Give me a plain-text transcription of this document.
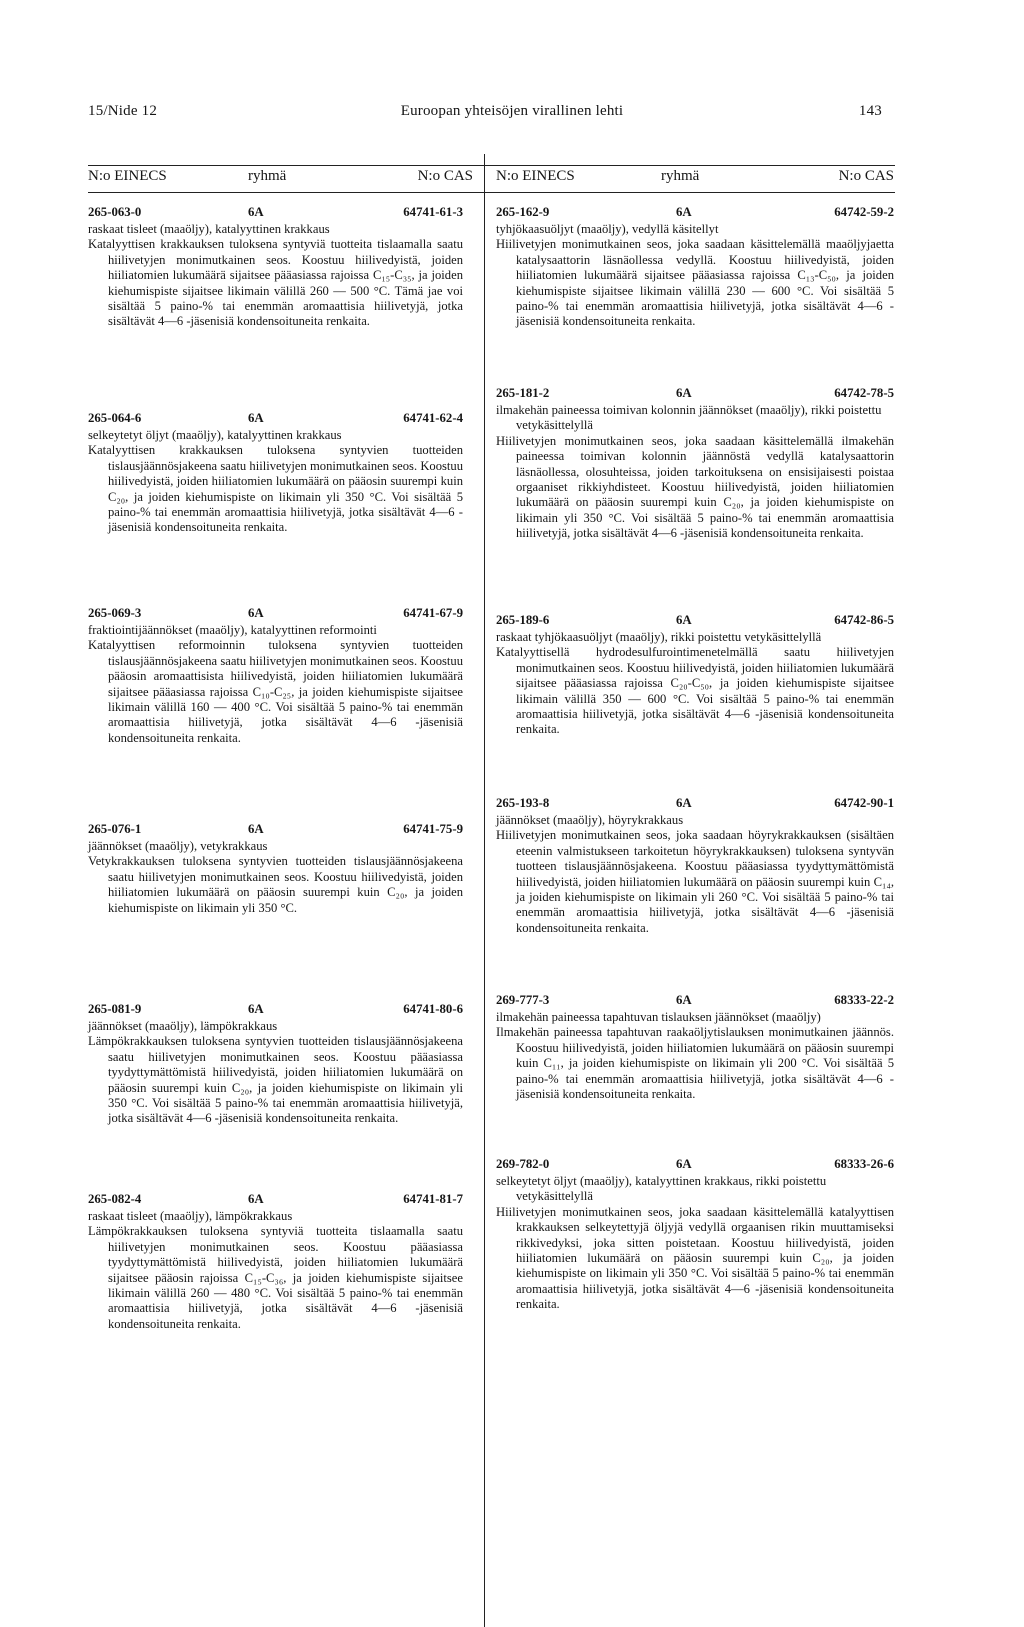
15/Nide 12	Euroopan yhteisöjen virallinen lehti	143
N:o EINECS	ryhmä	N:o CAS N:o EINECS	ryhmä	N:o CAS
265-063-0	6A	64741-61-3

raskaat tisleet (maaöljy), katalyyttinen krakkaus

Katalyyttisen krakkauksen tuloksena syntyviä tuotteita tislaamalla saatu hiilivetyjen monimutkainen seos. Koostuu hiilivedyistä, joiden hiiliatomien lukumäärä sijaitsee pääasiassa rajoissa C₁₅-C₃₅, ja joiden kiehumispiste sijaitsee likimain välillä 260 — 500 °C. Tämä jae voi sisältää 5 paino-% tai enemmän aromaattisia hiilivetyjä, jotka sisältävät 4—6 -jäsenisiä kondensoituneita renkaita.

265-064-6	6A	64741-62-4

selkeytetyt öljyt (maaöljy), katalyyttinen krakkaus

Katalyyttisen krakkauksen tuloksena syntyvien tuotteiden tislausjäännösjakeena saatu hiilivetyjen monimutkainen seos. Koostuu hiilivedyistä, joiden hiiliatomien lukumäärä on pääosin suurempi kuin C₂₀, ja joiden kiehumispiste on likimain yli 350 °C. Voi sisältää 5 paino-% tai enemmän aromaattisia hiilivetyjä, jotka sisältävät 4—6 -jäsenisiä kondensoituneita renkaita.

265-069-3	6A	64741-67-9

fraktiointijäännökset (maaöljy), katalyyttinen reformointi

Katalyyttisen reformoinnin tuloksena syntyvien tuotteiden tislausjäännösjakeena saatu hiilivetyjen monimutkainen seos. Koostuu pääosin aromaattisista hiilivedyistä, joiden hiiliatomien lukumäärä sijaitsee pääasiassa rajoissa C₁₀-C₂₅, ja joiden kiehumispiste sijaitsee likimain välillä 160 — 400 °C. Voi sisältää 5 paino-% tai enemmän aromaattisia hiilivetyjä, jotka sisältävät 4—6 -jäsenisiä kondensoituneita renkaita.

265-076-1	6A	64741-75-9

jäännökset (maaöljy), vetykrakkaus

Vetykrakkauksen tuloksena syntyvien tuotteiden tislausjäännösjakeena saatu hiilivetyjen monimutkainen seos. Koostuu hiilivedyistä, joiden hiiliatomien lukumäärä on pääosin suurempi kuin C₂₀, ja joiden kiehumispiste on likimain yli 350 °C.

265-081-9	6A	64741-80-6

jäännökset (maaöljy), lämpökrakkaus

Lämpökrakkauksen tuloksena syntyvien tuotteiden tislausjäännösjakeena saatu hiilivetyjen monimutkainen seos. Koostuu pääasiassa tyydyttymättömistä hiilivedyistä, joiden hiiliatomien lukumäärä on pääosin suurempi kuin C₂₀, ja joiden kiehumispiste on likimain yli 350 °C. Voi sisältää 5 paino-% tai enemmän aromaattisia hiilivetyjä, jotka sisältävät 4—6 -jäsenisiä kondensoituneita renkaita.

265-082-4	6A	64741-81-7

raskaat tisleet (maaöljy), lämpökrakkaus

Lämpökrakkauksen tuloksena syntyviä tuotteita tislaamalla saatu hiilivetyjen monimutkainen seos. Koostuu pääasiassa tyydyttymättömistä hiilivedyistä, joiden hiiliatomien lukumäärä sijaitsee pääosin rajoissa C₁₅-C₃₆, ja joiden kiehumispiste sijaitsee likimain välillä 260 — 480 °C. Voi sisältää 5 paino-% tai enemmän aromaattisia hiilivetyjä, jotka sisältävät 4—6 -jäsenisiä kondensoituneita renkaita.

265-162-9	6A	64742-59-2

tyhjökaasuöljyt (maaöljy), vedyllä käsitellyt

Hiilivetyjen monimutkainen seos, joka saadaan käsittelemällä maaöljyjaetta katalysaattorin läsnäollessa vedyllä. Koostuu hiilivedyistä, joiden hiiliatomien lukumäärä sijaitsee pääasiassa rajoissa C₁₃-C₅₀, ja joiden kiehumispiste sijaitsee likimain välillä 230 — 600 °C. Voi sisältää 5 paino-% tai enemmän aromaattisia hiilivetyjä, jotka sisältävät 4—6 -jäsenisiä kondensoituneita renkaita.

265-181-2	6A	64742-78-5

ilmakehän paineessa toimivan kolonnin jäännökset (maaöljy), rikki poistettu vetykäsittelyllä

Hiilivetyjen monimutkainen seos, joka saadaan käsittelemällä ilmakehän paineessa toimivan kolonnin jäännöstä vedyllä katalysaattorin läsnäollessa, olosuhteissa, joiden tarkoituksena on ensisijaisesti poistaa orgaaniset rikkiyhdisteet. Koostuu hiilivedyistä, joiden hiiliatomien lukumäärä on pääosin suurempi kuin C₂₀, ja joiden kiehumispiste on likimain yli 350 °C. Voi sisältää 5 paino-% tai enemmän aromaattisia hiilivetyjä, jotka sisältävät 4—6 -jäsenisiä kondensoituneita renkaita.

265-189-6	6A	64742-86-5

raskaat tyhjökaasuöljyt (maaöljy), rikki poistettu vetykäsittelyllä

Katalyyttisellä hydrodesulfurointimenetelmällä saatu hiilivetyjen monimutkainen seos. Koostuu hiilivedyistä, joiden hiiliatomien lukumäärä sijaitsee pääasiassa rajoissa C₂₀-C₅₀, ja joiden kiehumispiste sijaitsee likimain välillä 350 — 600 °C. Voi sisältää 5 paino-% tai enemmän aromaattisia hiilivetyjä, jotka sisältävät 4—6 -jäsenisiä kondensoituneita renkaita.

265-193-8	6A	64742-90-1

jäännökset (maaöljy), höyrykrakkaus

Hiilivetyjen monimutkainen seos, joka saadaan höyrykrakkauksen (sisältäen eteenin valmistukseen tarkoitetun höyrykrakkauksen) tuloksena syntyvän tuotteen tislausjäännösjakeena. Koostuu pääasiassa tyydyttymättömistä hiilivedyistä, joiden hiiliatomien lukumäärä on pääosin suurempi kuin C₁₄, ja joiden kiehumispiste on likimain yli 260 °C. Voi sisältää 5 paino-% tai enemmän aromaattisia hiilivetyjä, jotka sisältävät 4—6 -jäsenisiä kondensoituneita renkaita.

269-777-3	6A	68333-22-2

ilmakehän paineessa tapahtuvan tislauksen jäännökset (maaöljy)

Ilmakehän paineessa tapahtuvan raakaöljytislauksen monimutkainen jäännös. Koostuu hiilivedyistä, joiden hiiliatomien lukumäärä on pääosin suurempi kuin C₁₁, ja joiden kiehumispiste on likimain yli 200 °C. Voi sisältää 5 paino-% tai enemmän aromaattisia hiilivetyjä, jotka sisältävät 4—6 -jäsenisiä kondensoituneita renkaita.

269-782-0	6A	68333-26-6

selkeytetyt öljyt (maaöljy), katalyyttinen krakkaus, rikki poistettu vetykäsittelyllä

Hiilivetyjen monimutkainen seos, joka saadaan käsittelemällä katalyyttisen krakkauksen selkeytettyjä öljyjä vedyllä orgaanisen rikin muuttamiseksi rikkivedyksi, joka sitten poistetaan. Koostuu hiilivedyistä, joiden hiiliatomien lukumäärä on pääosin suurempi kuin C₂₀, ja joiden kiehumispiste on likimain yli 350 °C. Voi sisältää 5 paino-% tai enemmän aromaattisia hiilivetyjä, jotka sisältävät 4—6 -jäsenisiä kondensoituneita renkaita.
